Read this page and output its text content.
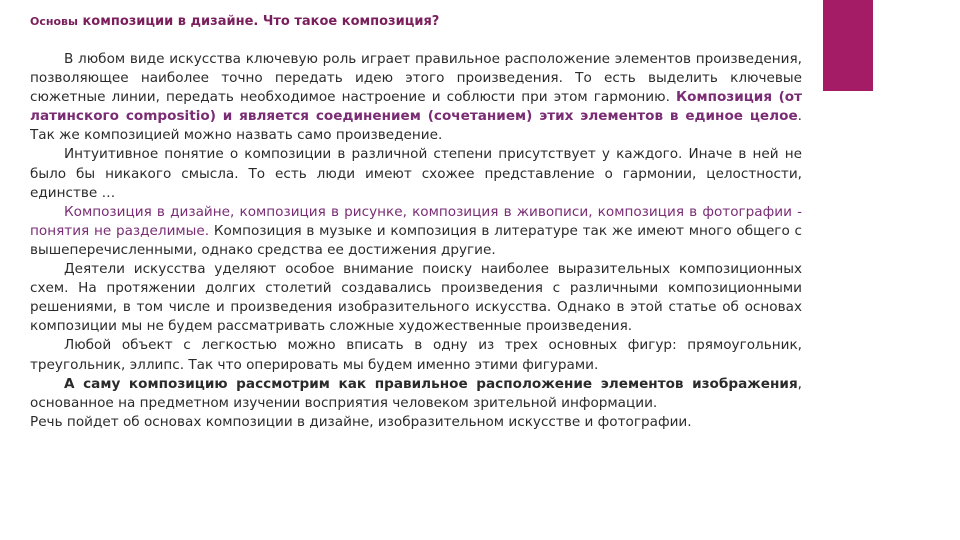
Основы композиции в дизайне. Что такое композиция?

В любом виде искусства ключевую роль играет правильное расположение элементов произведения, позволяющее наиболее точно передать идею этого произведения. То есть выделить ключевые сюжетные линии, передать необходимое настроение и соблюсти при этом гармонию. Композиция (от латинского compositio) и является соединением (сочетанием) этих элементов в единое целое. Так же композицией можно назвать само произведение.

Интуитивное понятие о композиции в различной степени присутствует у каждого. Иначе в ней не было бы никакого смысла. То есть люди имеют схожее представление о гармонии, целостности, единстве …

Композиция в дизайне, композиция в рисунке, композиция в живописи, композиция в фотографии - понятия не разделимые. Композиция в музыке и композиция в литературе так же имеют много общего с вышеперечисленными, однако средства ее достижения другие.

Деятели искусства уделяют особое внимание поиску наиболее выразительных композиционных схем. На протяжении долгих столетий создавались произведения с различными композиционными решениями, в том числе и произведения изобразительного искусства. Однако в этой статье об основах композиции мы не будем рассматривать сложные художественные произведения.

Любой объект с легкостью можно вписать в одну из трех основных фигур: прямоугольник, треугольник, эллипс. Так что оперировать мы будем именно этими фигурами.

А саму композицию рассмотрим как правильное расположение элементов изображения, основанное на предметном изучении восприятия человеком зрительной информации.

Речь пойдет об основах композиции в дизайне, изобразительном искусстве и фотографии.
